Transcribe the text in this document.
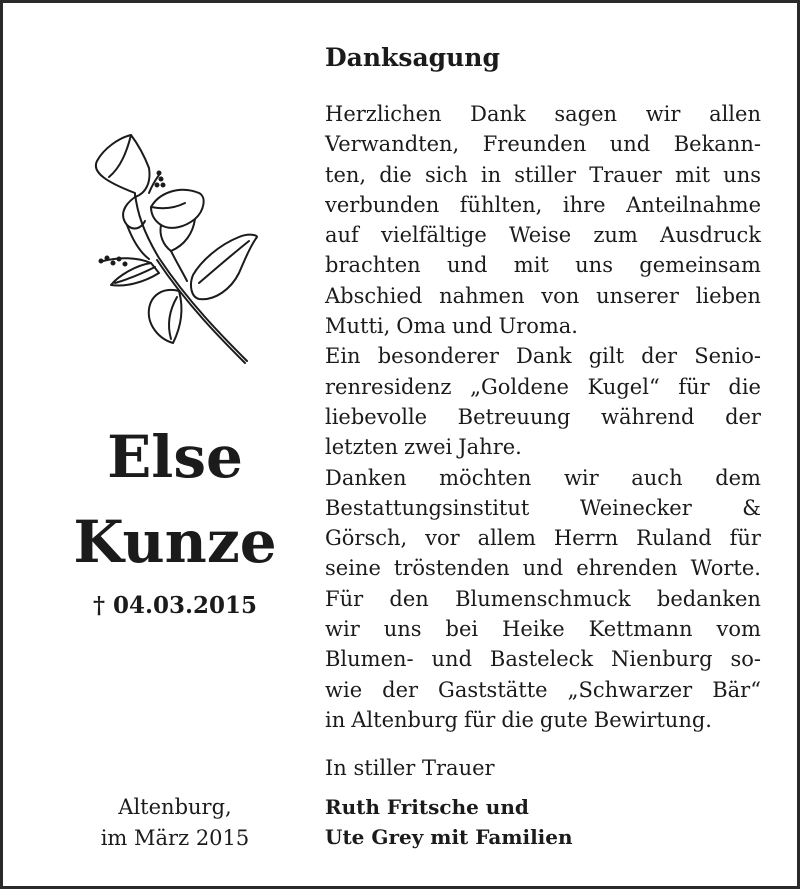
Else
Kunze
† 04.03.2015
Altenburg,
im März 2015
Danksagung
Herzlichen Dank sagen wir allen
Verwandten, Freunden und Bekann-
ten, die sich in stiller Trauer mit uns
verbunden fühlten, ihre Anteilnahme
auf vielfältige Weise zum Ausdruck
brachten und mit uns gemeinsam
Abschied nahmen von unserer lieben
Mutti, Oma und Uroma.
Ein besonderer Dank gilt der Senio-
renresidenz „Goldene Kugel“ für die
liebevolle Betreuung während der
letzten zwei Jahre.
Danken möchten wir auch dem
Bestattungsinstitut Weinecker &
Görsch, vor allem Herrn Ruland für
seine tröstenden und ehrenden Worte.
Für den Blumenschmuck bedanken
wir uns bei Heike Kettmann vom
Blumen- und Basteleck Nienburg so-
wie der Gaststätte „Schwarzer Bär“
in Altenburg für die gute Bewirtung.
In stiller Trauer
Ruth Fritsche und
Ute Grey mit Familien
